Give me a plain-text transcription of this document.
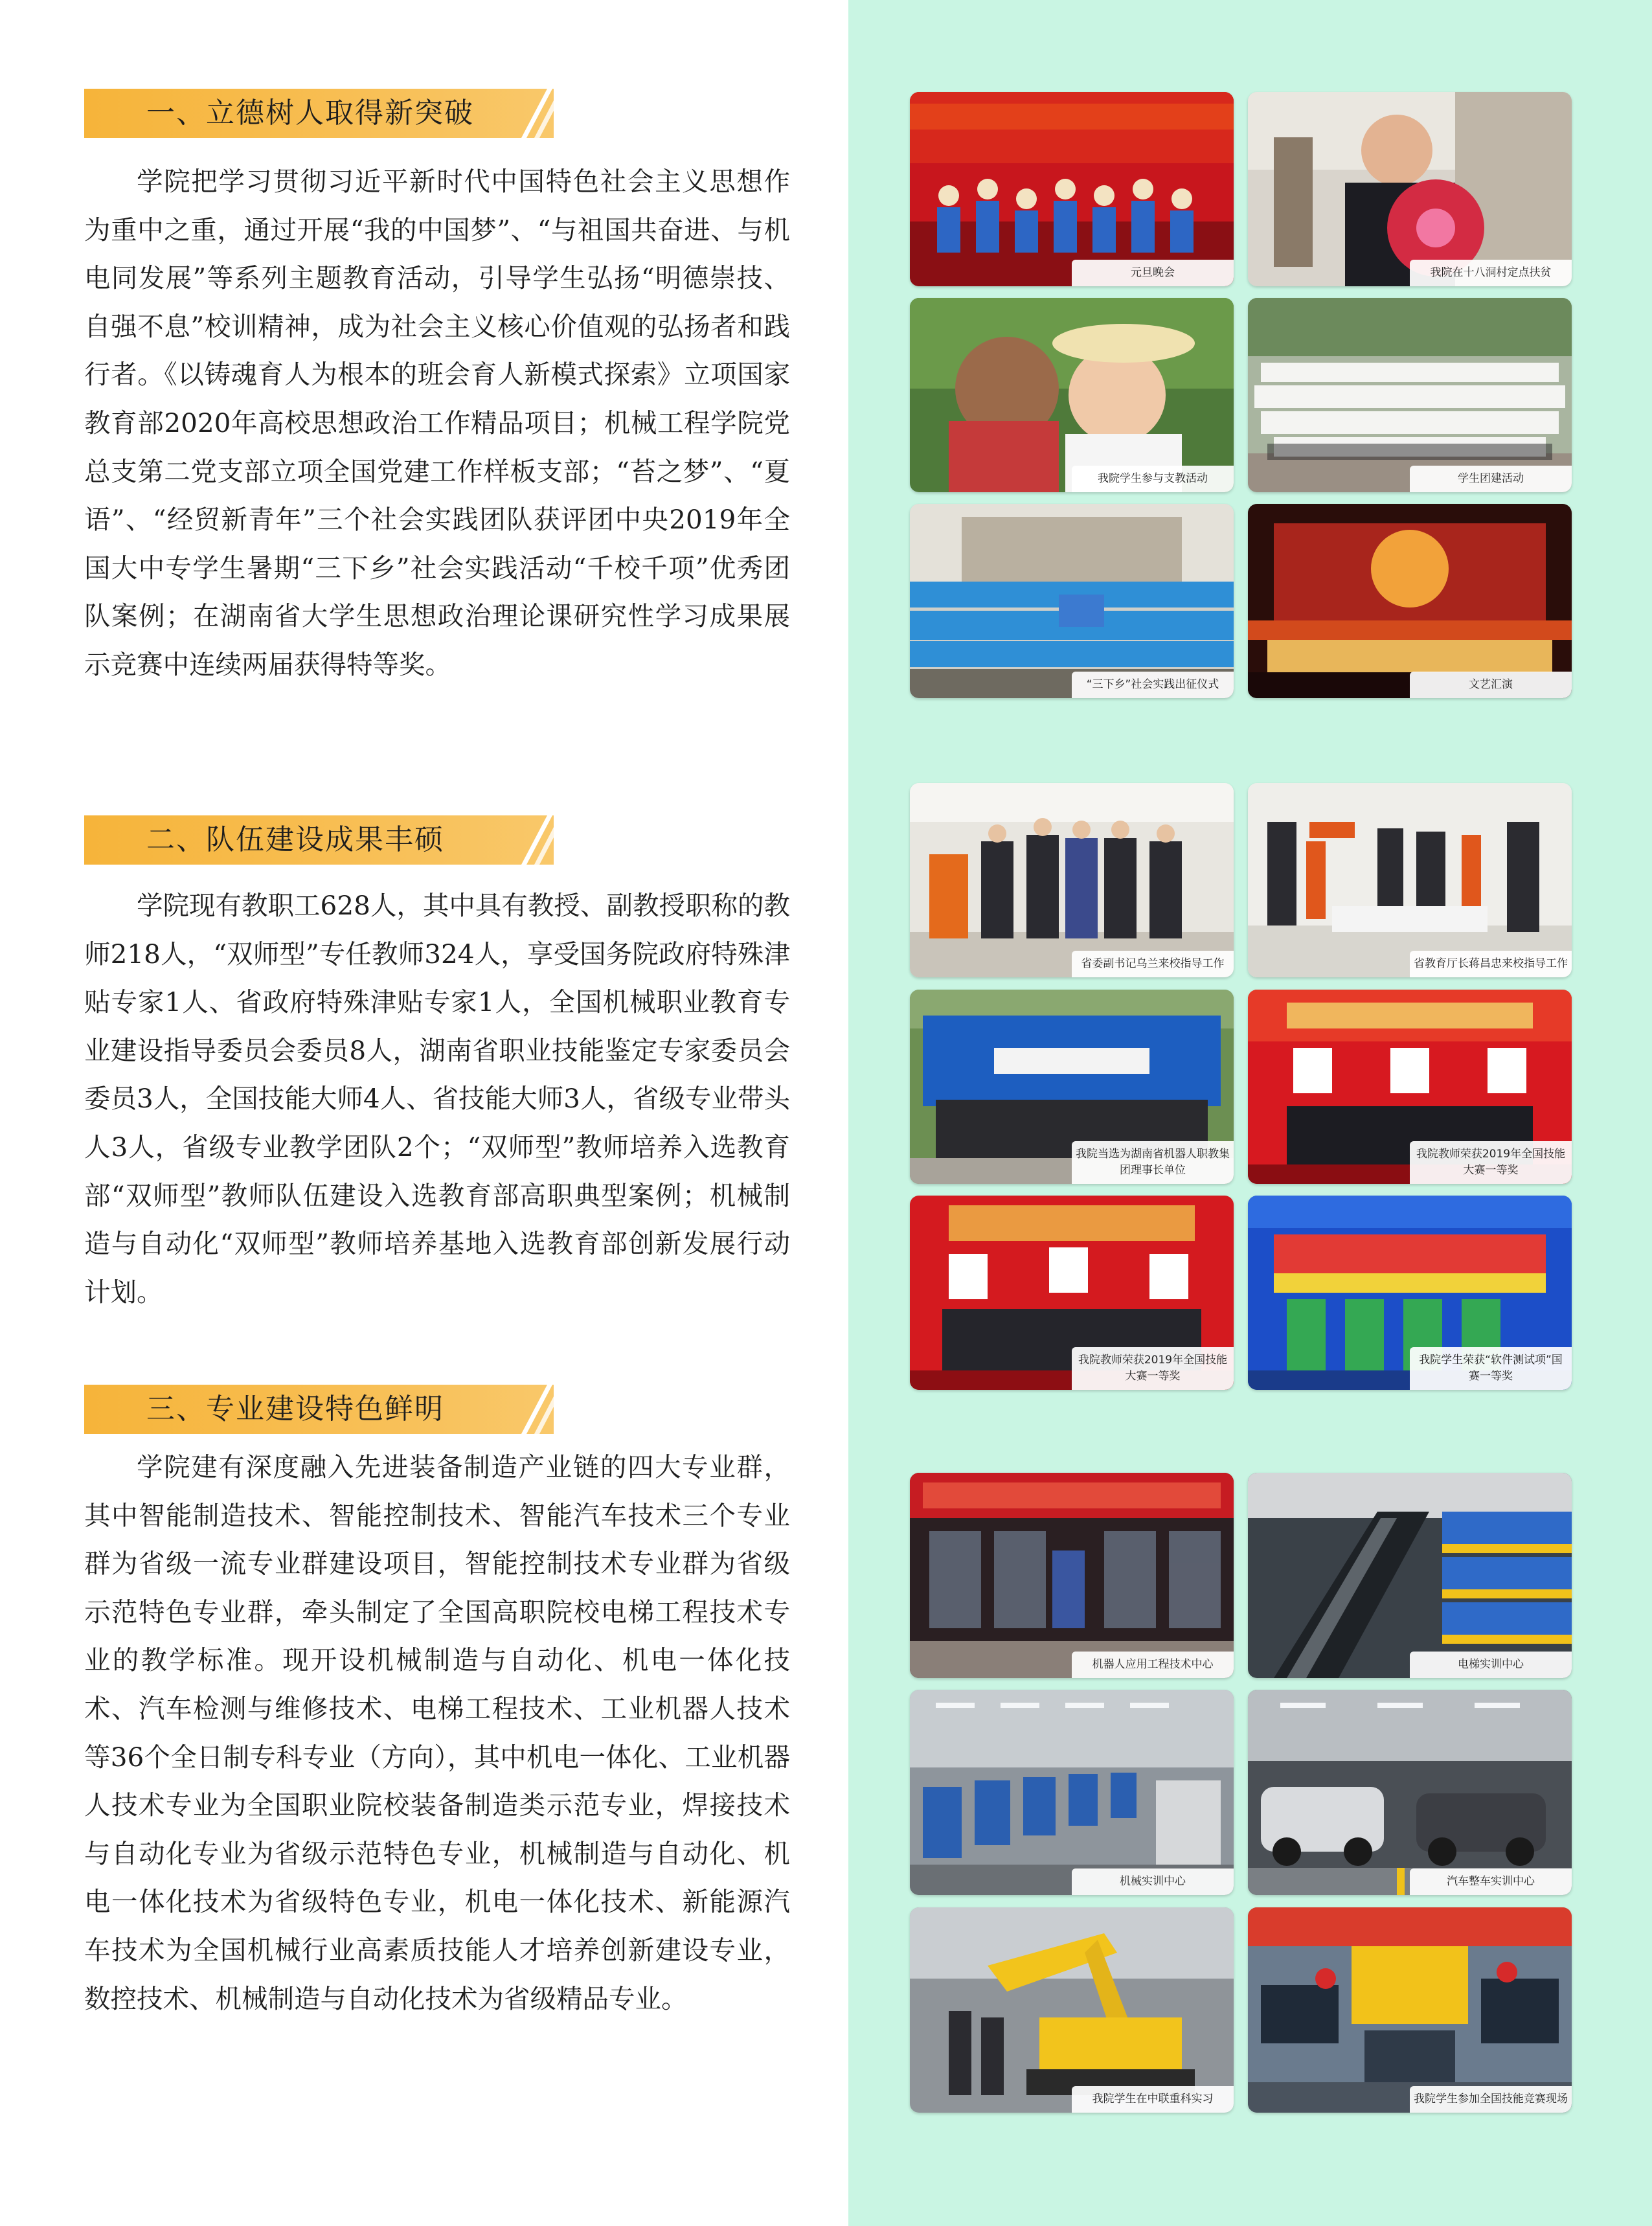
一、立德树人取得新突破

学院把学习贯彻习近平新时代中国特色社会主义思想作为重中之重，通过开展“我的中国梦”、“与祖国共奋进、与机电同发展”等系列主题教育活动，引导学生弘扬“明德崇技、自强不息”校训精神，成为社会主义核心价值观的弘扬者和践行者。《以铸魂育人为根本的班会育人新模式探索》立项国家教育部2020年高校思想政治工作精品项目；机械工程学院党总支第二党支部立项全国党建工作样板支部；“苔之梦”、“夏语”、“经贸新青年”三个社会实践团队获评团中央2019年全国大中专学生暑期“三下乡”社会实践活动“千校千项”优秀团队案例；在湖南省大学生思想政治理论课研究性学习成果展示竞赛中连续两届获得特等奖。

二、队伍建设成果丰硕

学院现有教职工628人，其中具有教授、副教授职称的教师218人，“双师型”专任教师324人，享受国务院政府特殊津贴专家1人、省政府特殊津贴专家1人，全国机械职业教育专业建设指导委员会委员8人，湖南省职业技能鉴定专家委员会委员3人，全国技能大师4人、省技能大师3人，省级专业带头人3人，省级专业教学团队2个；“双师型”教师培养入选教育部“双师型”教师队伍建设入选教育部高职典型案例；机械制造与自动化“双师型”教师培养基地入选教育部创新发展行动计划。

三、专业建设特色鲜明

学院建有深度融入先进装备制造产业链的四大专业群，其中智能制造技术、智能控制技术、智能汽车技术三个专业群为省级一流专业群建设项目，智能控制技术专业群为省级示范特色专业群，牵头制定了全国高职院校电梯工程技术专业的教学标准。现开设机械制造与自动化、机电一体化技术、汽车检测与维修技术、电梯工程技术、工业机器人技术等36个全日制专科专业（方向），其中机电一体化、工业机器人技术专业为全国职业院校装备制造类示范专业，焊接技术与自动化专业为省级示范特色专业，机械制造与自动化、机电一体化技术为省级特色专业，机电一体化技术、新能源汽车技术为全国机械行业高素质技能人才培养创新建设专业，数控技术、机械制造与自动化技术为省级精品专业。

元旦晚会	我院在十八洞村定点扶贫
我院学生参与支教活动	学生团建活动
“三下乡”社会实践出征仪式	文艺汇演
省委副书记乌兰来校指导工作	省教育厅长蒋昌忠来校指导工作
我院当选为湖南省机器人职教集团理事长单位
我院教师荣获2019年全国技能大赛一等奖
我院教师荣获2019年全国技能大赛一等奖
我院学生荣获“软件测试项”国赛一等奖
机器人应用工程技术中心	电梯实训中心
机械实训中心	汽车整车实训中心
我院学生在中联重科实习	我院学生参加全国技能竞赛现场
